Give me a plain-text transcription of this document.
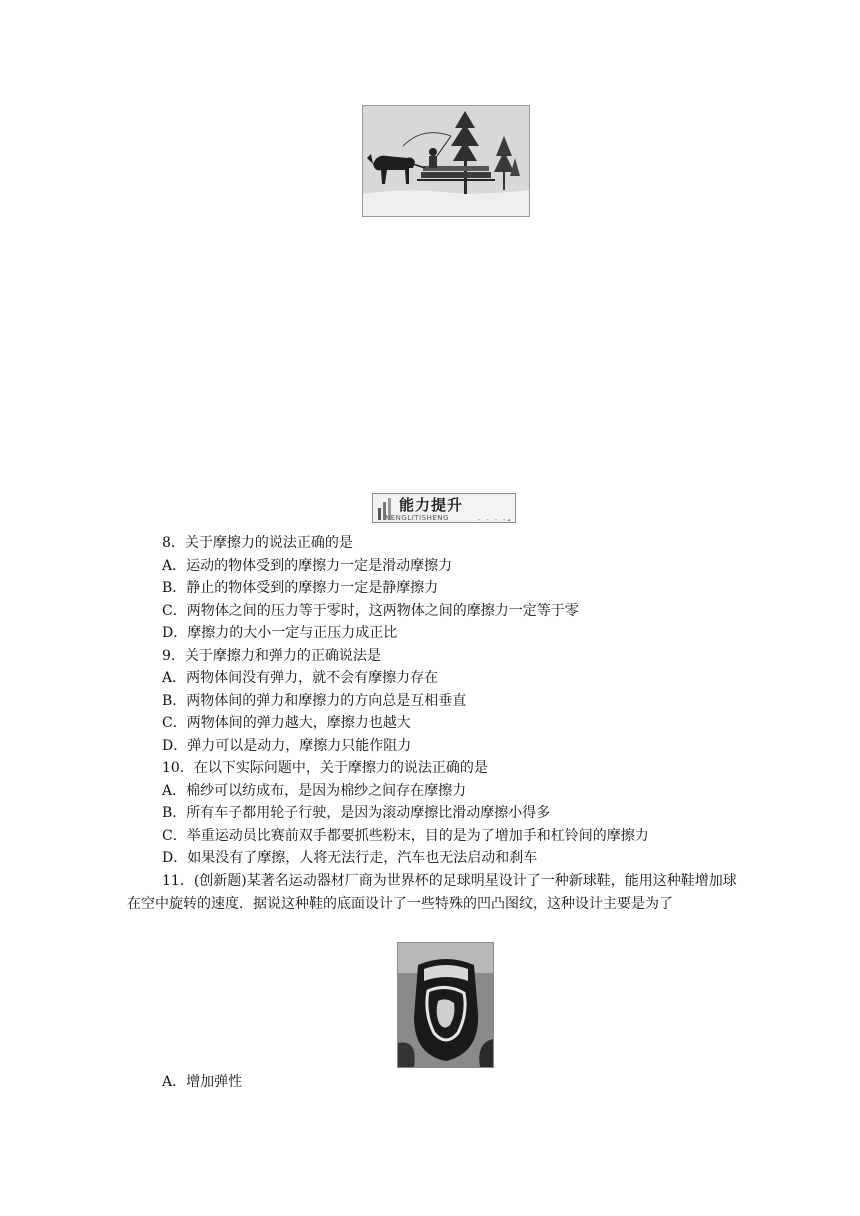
能力提升
NENGLITISHENG	- - - -◂
8．关于摩擦力的说法正确的是
A．运动的物体受到的摩擦力一定是滑动摩擦力
B．静止的物体受到的摩擦力一定是静摩擦力
C．两物体之间的压力等于零时，这两物体之间的摩擦力一定等于零
D．摩擦力的大小一定与正压力成正比
9．关于摩擦力和弹力的正确说法是
A．两物体间没有弹力，就不会有摩擦力存在
B．两物体间的弹力和摩擦力的方向总是互相垂直
C．两物体间的弹力越大，摩擦力也越大
D．弹力可以是动力，摩擦力只能作阻力
10．在以下实际问题中，关于摩擦力的说法正确的是
A．棉纱可以纺成布，是因为棉纱之间存在摩擦力
B．所有车子都用轮子行驶，是因为滚动摩擦比滑动摩擦小得多
C．举重运动员比赛前双手都要抓些粉末，目的是为了增加手和杠铃间的摩擦力
D．如果没有了摩擦，人将无法行走，汽车也无法启动和刹车
11．(创新题)某著名运动器材厂商为世界杯的足球明星设计了一种新球鞋，能用这种鞋增加球在空中旋转的速度．据说这种鞋的底面设计了一些特殊的凹凸图纹，这种设计主要是为了
A．增加弹性
